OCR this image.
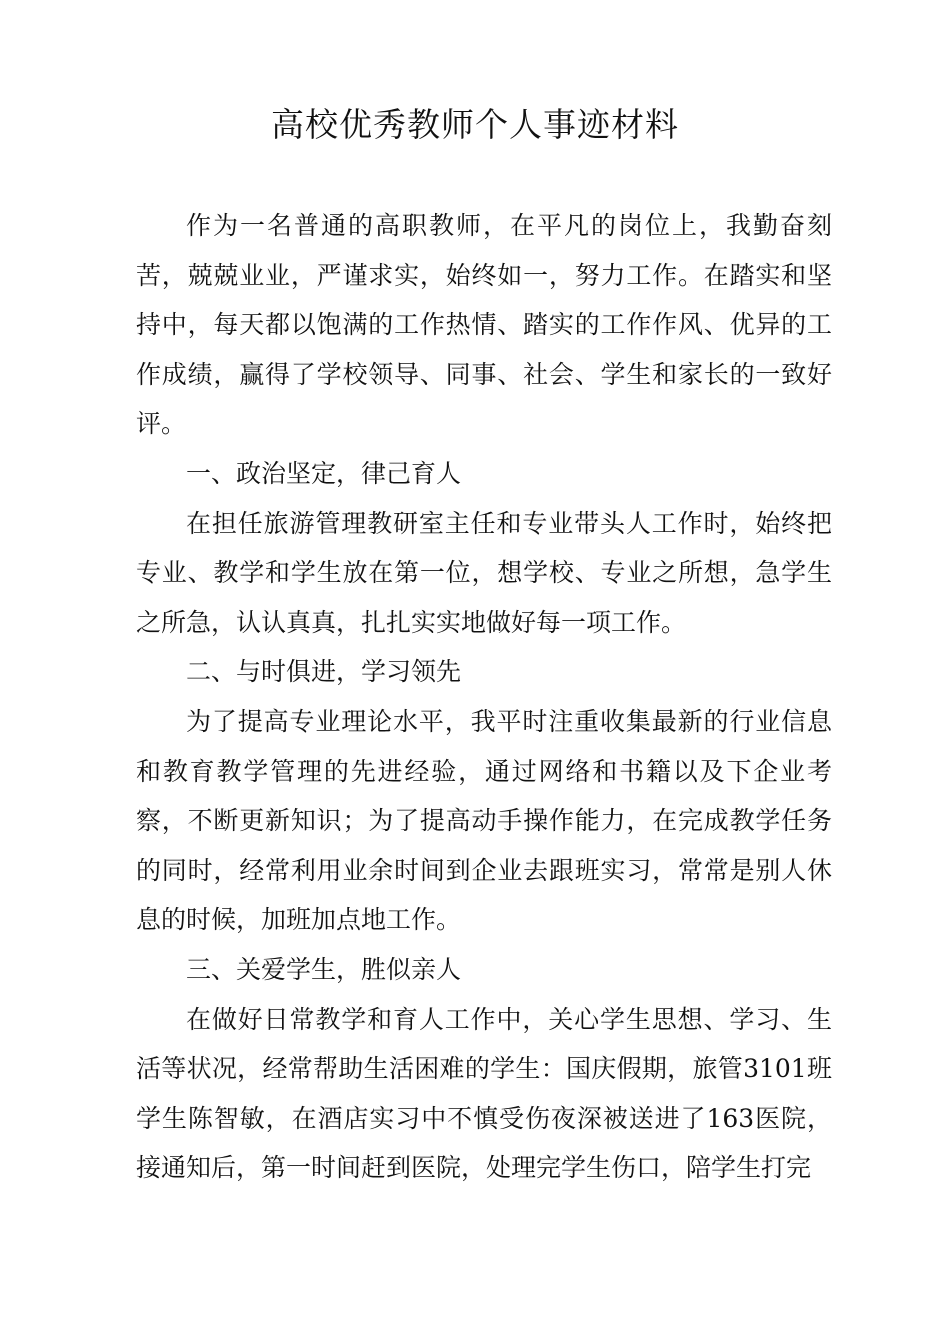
高校优秀教师个人事迹材料

作为一名普通的高职教师，在平凡的岗位上，我勤奋刻苦，兢兢业业，严谨求实，始终如一，努力工作。在踏实和坚持中，每天都以饱满的工作热情、踏实的工作作风、优异的工作成绩，赢得了学校领导、同事、社会、学生和家长的一致好评。

一、政治坚定，律己育人

在担任旅游管理教研室主任和专业带头人工作时，始终把专业、教学和学生放在第一位，想学校、专业之所想，急学生之所急，认认真真，扎扎实实地做好每一项工作。

二、与时俱进，学习领先

为了提高专业理论水平，我平时注重收集最新的行业信息和教育教学管理的先进经验，通过网络和书籍以及下企业考察，不断更新知识；为了提高动手操作能力，在完成教学任务的同时，经常利用业余时间到企业去跟班实习，常常是别人休息的时候，加班加点地工作。

三、关爱学生，胜似亲人

在做好日常教学和育人工作中，关心学生思想、学习、生活等状况，经常帮助生活困难的学生：国庆假期，旅管3101班学生陈智敏，在酒店实习中不慎受伤夜深被送进了163医院，接通知后，第一时间赶到医院，处理完学生伤口，陪学生打完
